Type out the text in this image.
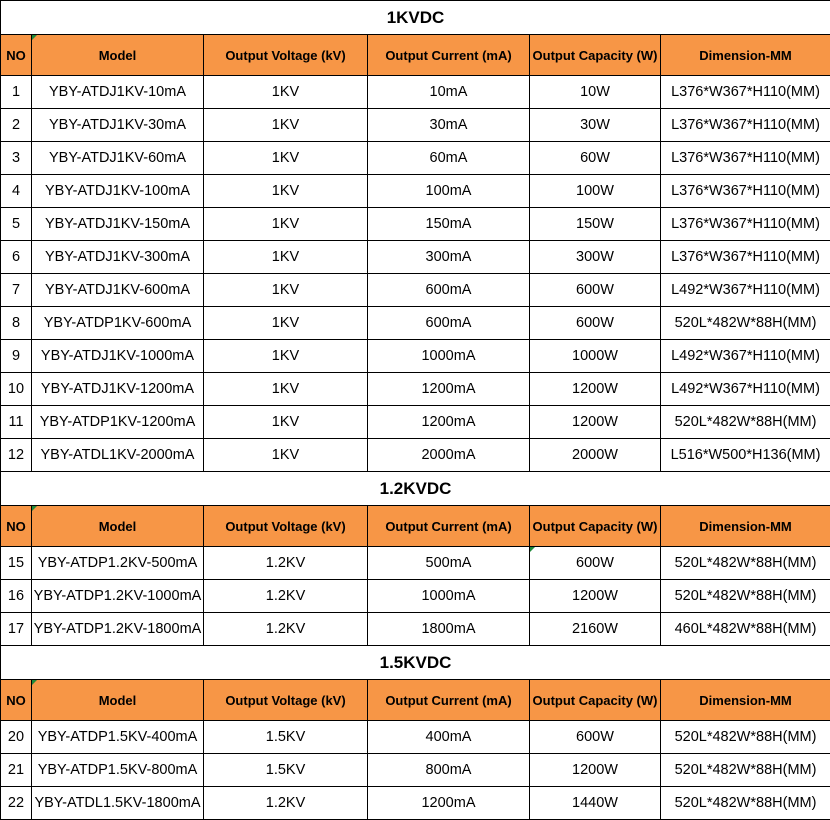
1KVDC					
NO	Model	Output Voltage (kV)	Output Current (mA)	Output Capacity (W)	Dimension-MM
1	YBY-ATDJ1KV-10mA	1KV	10mA	10W	L376*W367*H110(MM)
2	YBY-ATDJ1KV-30mA	1KV	30mA	30W	L376*W367*H110(MM)
3	YBY-ATDJ1KV-60mA	1KV	60mA	60W	L376*W367*H110(MM)
4	YBY-ATDJ1KV-100mA	1KV	100mA	100W	L376*W367*H110(MM)
5	YBY-ATDJ1KV-150mA	1KV	150mA	150W	L376*W367*H110(MM)
6	YBY-ATDJ1KV-300mA	1KV	300mA	300W	L376*W367*H110(MM)
7	YBY-ATDJ1KV-600mA	1KV	600mA	600W	L492*W367*H110(MM)
8	YBY-ATDP1KV-600mA	1KV	600mA	600W	520L*482W*88H(MM)
9	YBY-ATDJ1KV-1000mA	1KV	1000mA	1000W	L492*W367*H110(MM)
10	YBY-ATDJ1KV-1200mA	1KV	1200mA	1200W	L492*W367*H110(MM)
11	YBY-ATDP1KV-1200mA	1KV	1200mA	1200W	520L*482W*88H(MM)
12	YBY-ATDL1KV-2000mA	1KV	2000mA	2000W	L516*W500*H136(MM)
1.2KVDC					
NO	Model	Output Voltage (kV)	Output Current (mA)	Output Capacity (W)	Dimension-MM
15	YBY-ATDP1.2KV-500mA	1.2KV	500mA	600W	520L*482W*88H(MM)
16	YBY-ATDP1.2KV-1000mA	1.2KV	1000mA	1200W	520L*482W*88H(MM)
17	YBY-ATDP1.2KV-1800mA	1.2KV	1800mA	2160W	460L*482W*88H(MM)
1.5KVDC					
NO	Model	Output Voltage (kV)	Output Current (mA)	Output Capacity (W)	Dimension-MM
20	YBY-ATDP1.5KV-400mA	1.5KV	400mA	600W	520L*482W*88H(MM)
21	YBY-ATDP1.5KV-800mA	1.5KV	800mA	1200W	520L*482W*88H(MM)
22	YBY-ATDL1.5KV-1800mA	1.2KV	1200mA	1440W	520L*482W*88H(MM)
